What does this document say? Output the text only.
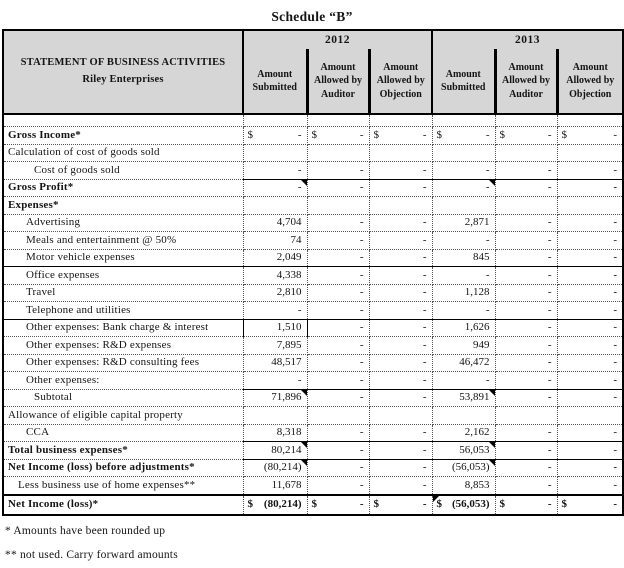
Schedule “B”
STATEMENT OF BUSINESS ACTIVITIES
Riley Enterprises	2012			2013		
	Amount Submitted	Amount Allowed by Auditor	Amount Allowed by Objection	Amount Submitted	Amount Allowed by Auditor	Amount Allowed by Objection

Gross Income*	$ -	$ -	$ -	$ -	$ -	$ -
Calculation of cost of goods sold						
Cost of goods sold	-	-	-	-	-	-
Gross Profit*	-	-	-	-	-	-
Expenses*						
Advertising	4,704	-	-	2,871	-	-
Meals and entertainment @ 50%	74	-	-	-	-	-
Motor vehicle expenses	2,049	-	-	845	-	-
Office expenses	4,338	-	-	-	-	-
Travel	2,810	-	-	1,128	-	-
Telephone and utilities	-	-	-	-	-	-
Other expenses: Bank charge & interest	1,510	-	-	1,626	-	-
Other expenses: R&D expenses	7,895	-	-	949	-	-
Other expenses: R&D consulting fees	48,517	-	-	46,472	-	-
Other expenses:	-	-	-	-	-	-
Subtotal	71,896	-	-	53,891	-	-
Allowance of eligible capital property						
CCA	8,318	-	-	2,162	-	-
Total business expenses*	80,214	-	-	56,053	-	-
Net Income (loss) before adjustments*	(80,214)	-	-	(56,053)	-	-
Less business use of home expenses**	11,678	-	-	8,853	-	-
Net Income (loss)*	$ (80,214)	$ -	$ -	$ (56,053)	$ -	$ -
* Amounts have been rounded up
** not used. Carry forward amounts
